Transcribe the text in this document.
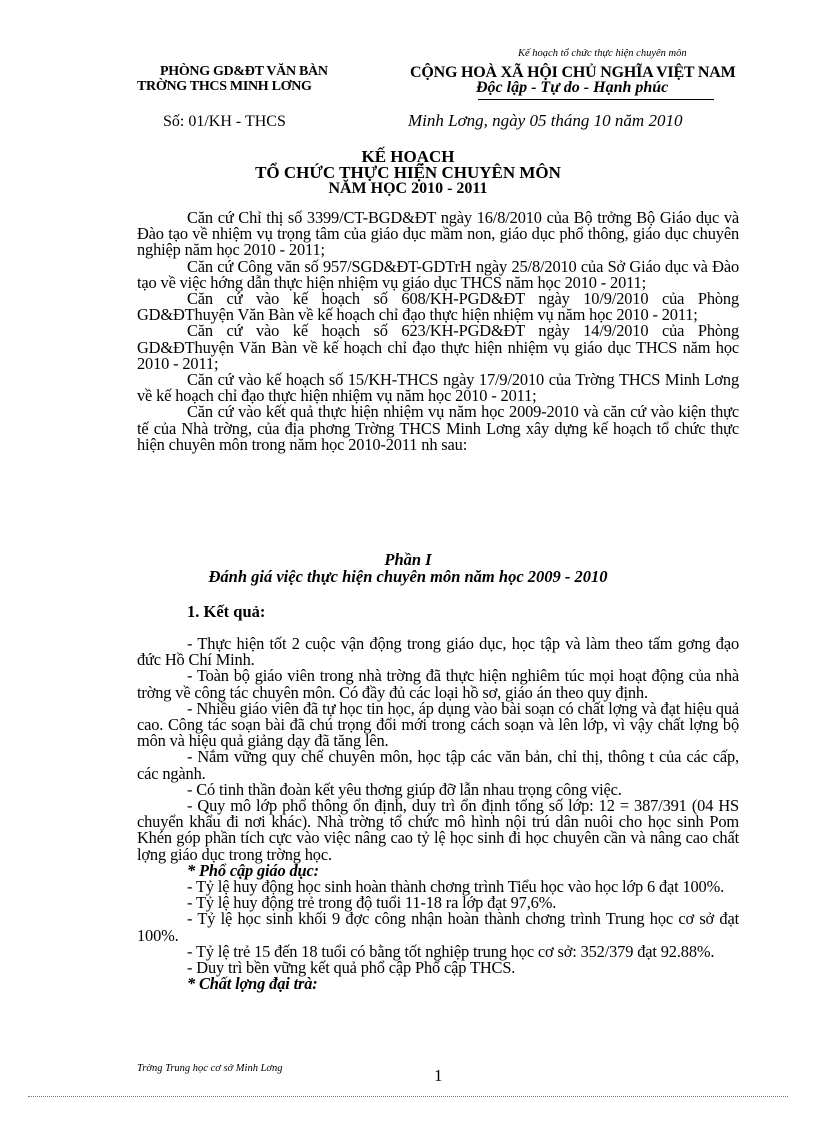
Kế hoạch tổ chức thực hiện chuyên môn
PHÒNG GD&ĐT VĂN BÀN
TRỜNG THCS MINH LƠNG
CỘNG HOÀ XÃ HỘI CHỦ NGHĨA VIỆT NAM
Độc lập - Tự do - Hạnh phúc
Số: 01/KH - THCS	Minh Lơng, ngày 05 tháng 10 năm 2010
KẾ HOẠCH
TỔ CHỨC THỰC HIỆN CHUYÊN MÔN
NĂM HỌC 2010 - 2011

Căn cứ Chỉ thị số 3399/CT-BGD&ĐT ngày 16/8/2010 của Bộ trởng Bộ Giáo dục và Đào tạo về nhiệm vụ trọng tâm của giáo dục mầm non, giáo dục phổ thông, giáo dục chuyên nghiệp năm học 2010 - 2011;

Căn cứ Công văn số 957/SGD&ĐT-GDTrH ngày 25/8/2010 của Sở Giáo dục và Đào tạo về việc hớng dẫn thực hiện nhiệm vụ giáo dục THCS năm học 2010 - 2011;

Căn cứ vào kế hoạch số 608/KH-PGD&ĐT ngày 10/9/2010 của Phòng GD&ĐThuyện Văn Bàn về kế hoạch chỉ đạo thực hiện nhiệm vụ năm học 2010 - 2011;

Căn cứ vào kế hoạch số 623/KH-PGD&ĐT ngày 14/9/2010 của Phòng GD&ĐThuyện Văn Bàn về kế hoạch chỉ đạo thực hiện nhiệm vụ giáo dục THCS năm học 2010 - 2011;

Căn cứ vào kế hoạch số 15/KH-THCS ngày 17/9/2010 của Trờng THCS Minh Lơng về kế hoạch chỉ đạo thực hiện nhiệm vụ năm học 2010 - 2011;

Căn cứ vào kết quả thực hiện nhiệm vụ năm học 2009-2010 và căn cứ vào kiện thực tế của Nhà trờng, của địa phơng Trờng THCS Minh Lơng xây dựng kế hoạch tổ chức thực hiện chuyên môn trong năm học 2010-2011 nh sau:

Phần I
Đánh giá việc thực hiện chuyên môn năm học 2009 - 2010
1. Kết quả:

- Thực hiện tốt 2 cuộc vận động trong giáo dục, học tập và làm theo tấm gơng đạo đức Hồ Chí Minh.

- Toàn bộ giáo viên trong nhà trờng đã thực hiện nghiêm túc mọi hoạt động của nhà trờng về công tác chuyên môn. Có đầy đủ các loại hồ sơ, giáo án theo quy định.

- Nhiều giáo viên đã tự học tin học, áp dụng vào bài soạn có chất lợng và đạt hiệu quả cao. Công tác soạn bài đã chú trọng đổi mới trong cách soạn và lên lớp, vì vậy chất lợng bộ môn và hiệu quả giảng dạy đã tăng lên.

- Nắm vững quy chế chuyên môn, học tập các văn bản, chỉ thị, thông t của các cấp, các ngành.

- Có tinh thần đoàn kết yêu thơng giúp đỡ lẫn nhau trọng công việc.

- Quy mô lớp phổ thông ổn định, duy trì ổn định tổng số lớp: 12 = 387/391 (04 HS chuyển khẩu đi nơi khác). Nhà trờng tổ chức mô hình nội trú dân nuôi cho học sinh Pom Khén góp phần tích cực vào việc nâng cao tỷ lệ học sinh đi học chuyên cần và nâng cao chất lợng giáo dục trong trờng học.

* Phổ cập giáo dục:

- Tỷ lệ huy động học sinh hoàn thành chơng trình Tiểu học vào học lớp 6 đạt 100%.

- Tỷ lệ huy động trẻ trong độ tuổi 11-18 ra lớp đạt 97,6%.

- Tỷ lệ học sinh khối 9 đợc công nhận hoàn thành chơng trình Trung học cơ sở đạt 100%.

- Tỷ lệ trẻ 15 đến 18 tuổi có bằng tốt nghiệp trung học cơ sở: 352/379 đạt 92.88%.

- Duy trì bền vững kết quả phổ cập Phổ cập THCS.

* Chất lợng đại trà:

Trờng Trung học cơ sở Minh Lơng	1
